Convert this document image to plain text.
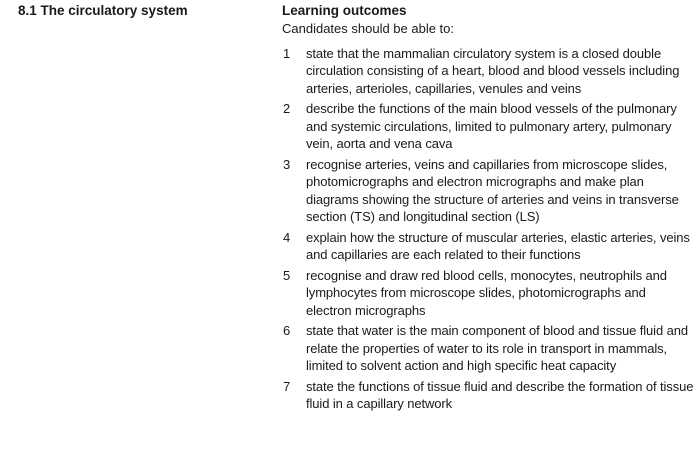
8.1 The circulatory system	Learning outcomes
Candidates should be able to:
1	state that the mammalian circulatory system is a closed double circulation consisting of a heart, blood and blood vessels including arteries, arterioles, capillaries, venules and veins
2	describe the functions of the main blood vessels of the pulmonary and systemic circulations, limited to pulmonary artery, pulmonary vein, aorta and vena cava
3	recognise arteries, veins and capillaries from microscope slides, photomicrographs and electron micrographs and make plan diagrams showing the structure of arteries and veins in transverse section (TS) and longitudinal section (LS)
4	explain how the structure of muscular arteries, elastic arteries, veins and capillaries are each related to their functions
5	recognise and draw red blood cells, monocytes, neutrophils and lymphocytes from microscope slides, photomicrographs and electron micrographs
6	state that water is the main component of blood and tissue fluid and relate the properties of water to its role in transport in mammals, limited to solvent action and high specific heat capacity
7	state the functions of tissue fluid and describe the formation of tissue fluid in a capillary network
